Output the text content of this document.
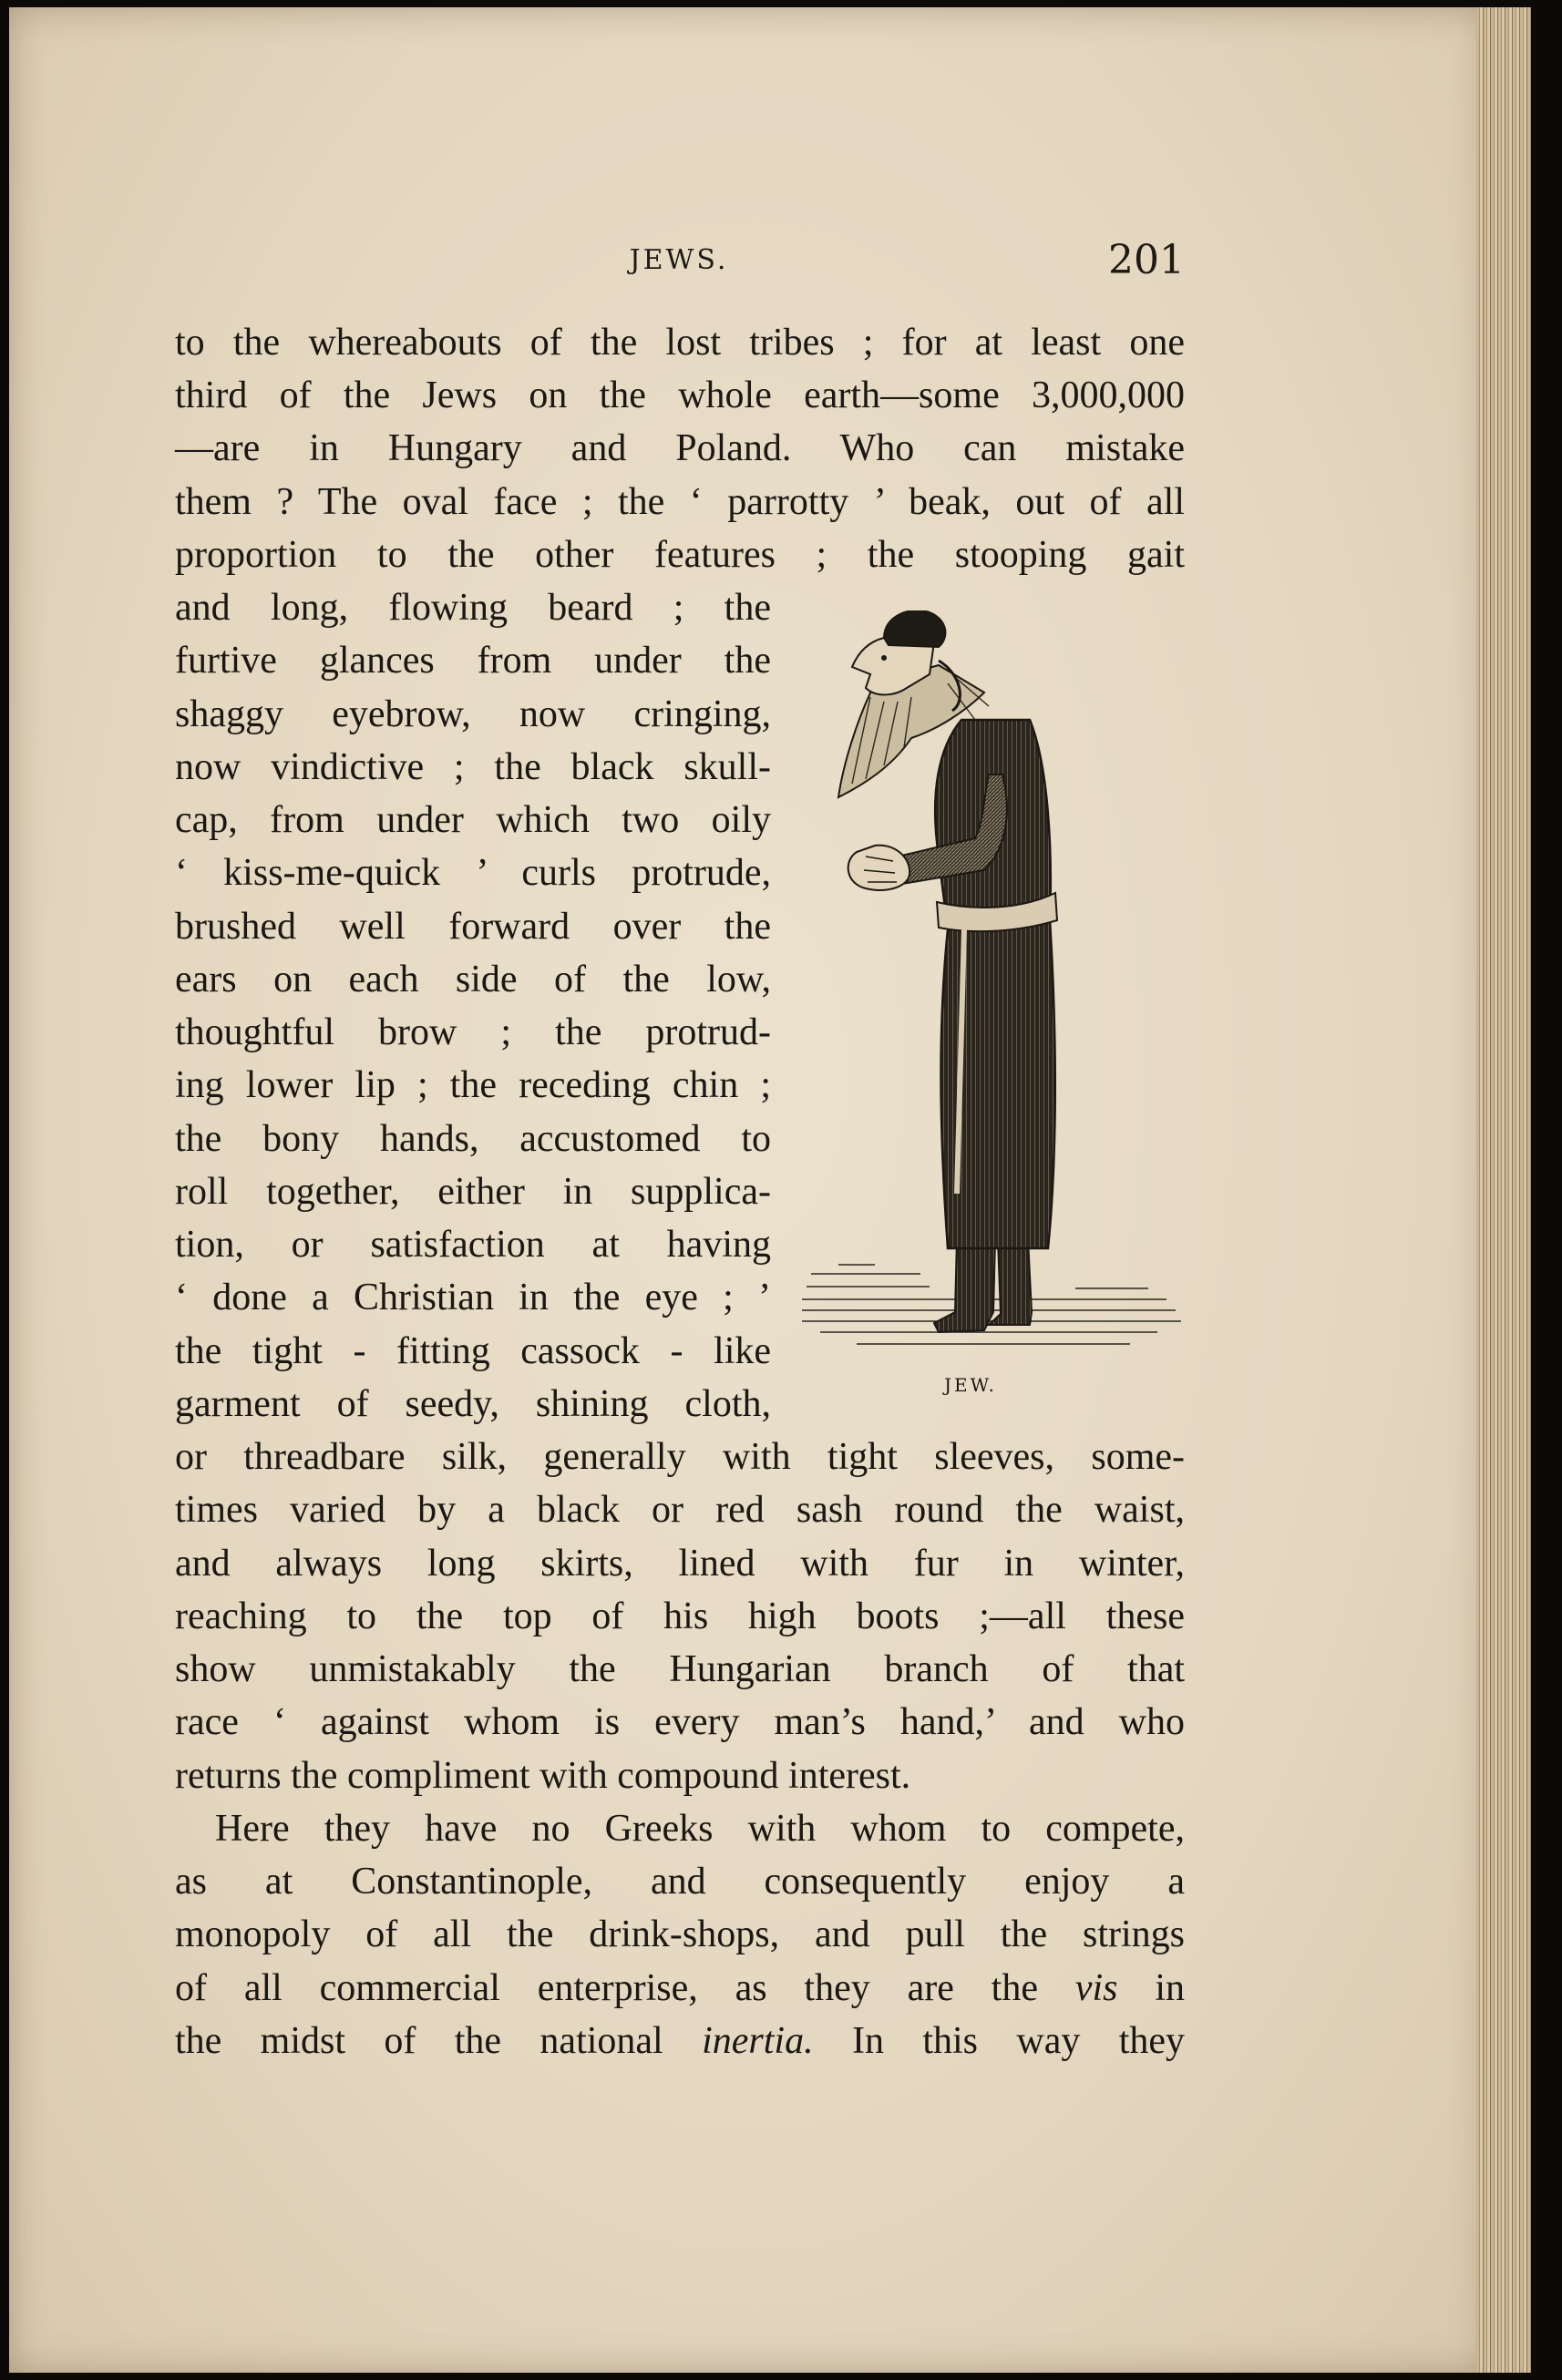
JEWS.	201
to the whereabouts of the lost tribes ; for at least one
third of the Jews on the whole earth—some 3,000,000
—are in Hungary and Poland. Who can mistake
them ? The oval face ; the ‘ parrotty ’ beak, out of all
proportion to the other features ; the stooping gait
and long, flowing beard ; the
furtive glances from under the
shaggy eyebrow, now cringing,
now vindictive ; the black skull-
cap, from under which two oily
‘ kiss-me-quick ’ curls protrude,
brushed well forward over the
ears on each side of the low,
thoughtful brow ; the protrud-
ing lower lip ; the receding chin ;
the bony hands, accustomed to
roll together, either in supplica-
tion, or satisfaction at having
‘ done a Christian in the eye ; ’
the tight - fitting cassock - like
garment of seedy, shining cloth,
or threadbare silk, generally with tight sleeves, some-
times varied by a black or red sash round the waist,
and always long skirts, lined with fur in winter,
reaching to the top of his high boots ;—all these
show unmistakably the Hungarian branch of that
race ‘ against whom is every man’s hand,’ and who
returns the compliment with compound interest.
Here they have no Greeks with whom to compete,
as at Constantinople, and consequently enjoy a
monopoly of all the drink-shops, and pull the strings
of all commercial enterprise, as they are the vis in
the midst of the national inertia. In this way they
JEW.
